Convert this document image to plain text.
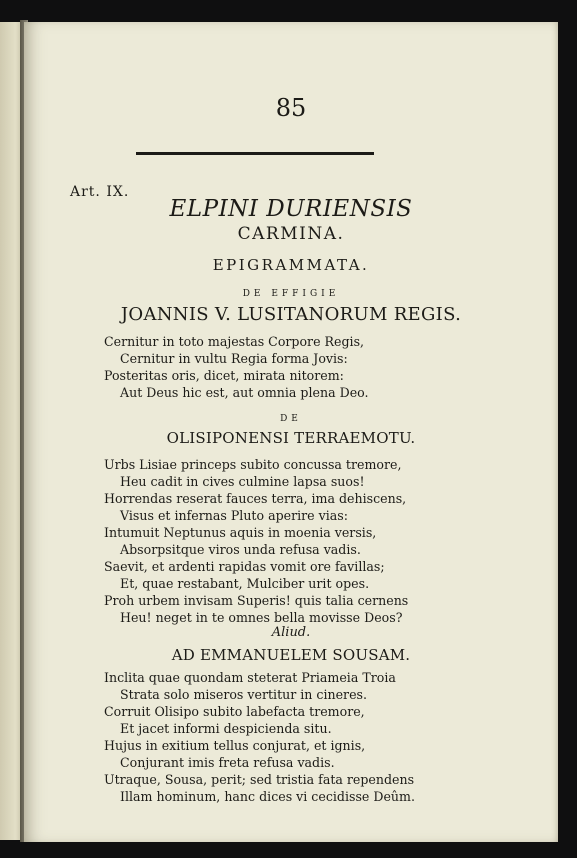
85
Art. IX.
ELPINI DURIENSIS
CARMINA.
EPIGRAMMATA.
DE EFFIGIE
JOANNIS V. LUSITANORUM REGIS.
Cernitur in toto majestas Corpore Regis,
Cernitur in vultu Regia forma Jovis:
Posteritas oris, dicet, mirata nitorem:
Aut Deus hic est, aut omnia plena Deo.
DE
OLISIPONENSI TERRAEMOTU.
Urbs Lisiae princeps subito concussa tremore,
Heu cadit in cives culmine lapsa suos!
Horrendas reserat fauces terra, ima dehiscens,
Visus et infernas Pluto aperire vias:
Intumuit Neptunus aquis in moenia versis,
Absorpsitque viros unda refusa vadis.
Saevit, et ardenti rapidas vomit ore favillas;
Et, quae restabant, Mulciber urit opes.
Proh urbem invisam Superis! quis talia cernens
Heu! neget in te omnes bella movisse Deos?
Aliud.
AD EMMANUELEM SOUSAM.
Inclita quae quondam steterat Priameia Troia
Strata solo miseros vertitur in cineres.
Corruit Olisipo subito labefacta tremore,
Et jacet informi despicienda situ.
Hujus in exitium tellus conjurat, et ignis,
Conjurant imis freta refusa vadis.
Utraque, Sousa, perit; sed tristia fata rependens
Illam hominum, hanc dices vi cecidisse Deûm.
